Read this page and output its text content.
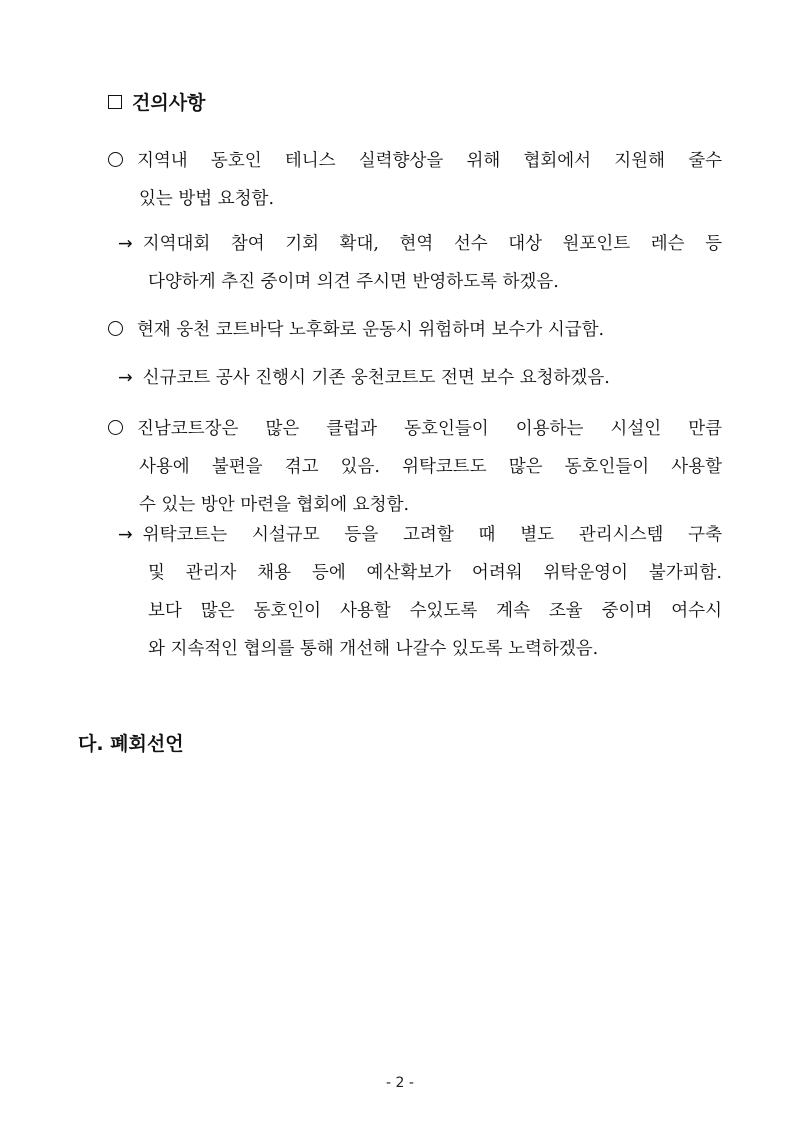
건의사항
지역내 동호인 테니스 실력향상을 위해 협회에서 지원해 줄수
있는 방법 요청함.
→ 지역대회 참여 기회 확대, 현역 선수 대상 원포인트 레슨 등
다양하게 추진 중이며 의견 주시면 반영하도록 하겠음.
현재 웅천 코트바닥 노후화로 운동시 위험하며 보수가 시급함.
→ 신규코트 공사 진행시 기존 웅천코트도 전면 보수 요청하겠음.
진남코트장은 많은 클럽과 동호인들이 이용하는 시설인 만큼
사용에 불편을 겪고 있음. 위탁코트도 많은 동호인들이 사용할
수 있는 방안 마련을 협회에 요청함.
→ 위탁코트는 시설규모 등을 고려할 때 별도 관리시스템 구축
및 관리자 채용 등에 예산확보가 어려워 위탁운영이 불가피함.
보다 많은 동호인이 사용할 수있도록 계속 조율 중이며 여수시
와 지속적인 협의를 통해 개선해 나갈수 있도록 노력하겠음.
다. 폐회선언
- 2 -
